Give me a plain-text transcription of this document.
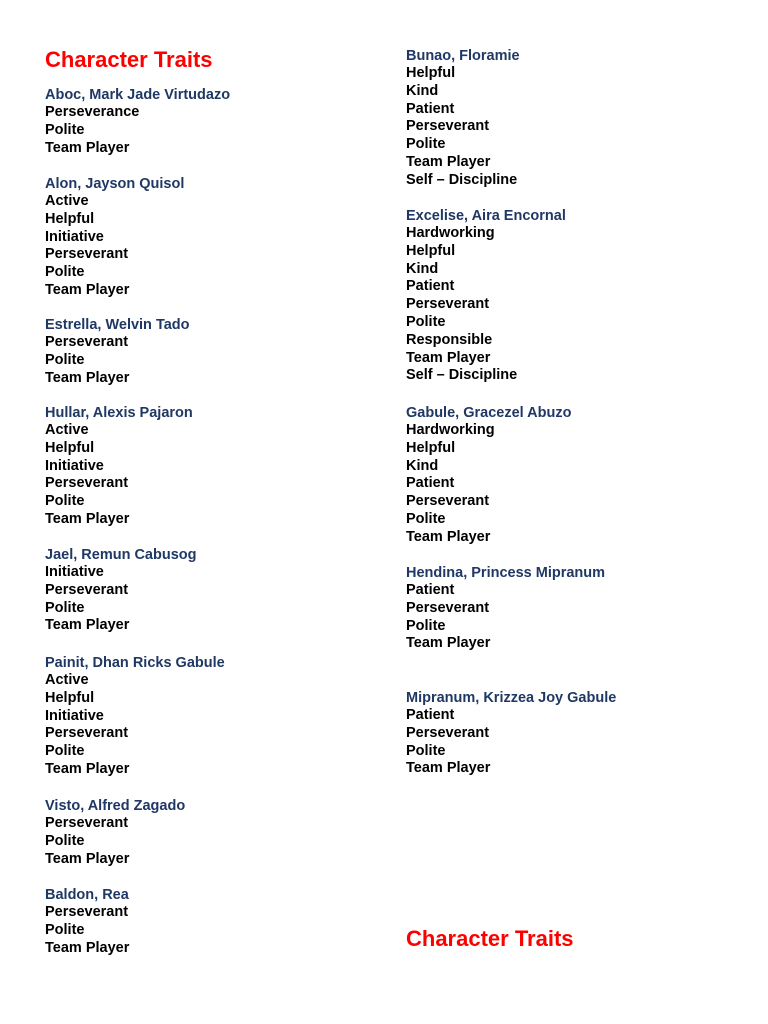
Character Traits
Aboc, Mark Jade Virtudazo
Perseverance
Polite
Team Player
Alon, Jayson Quisol
Active
Helpful
Initiative
Perseverant
Polite
Team Player
Estrella, Welvin Tado
Perseverant
Polite
Team Player
Hullar, Alexis Pajaron
Active
Helpful
Initiative
Perseverant
Polite
Team Player
Jael, Remun Cabusog
Initiative
Perseverant
Polite
Team Player
Painit, Dhan Ricks Gabule
Active
Helpful
Initiative
Perseverant
Polite
Team Player
Visto, Alfred Zagado
Perseverant
Polite
Team Player
Baldon, Rea
Perseverant
Polite
Team Player
Bunao, Floramie
Helpful
Kind
Patient
Perseverant
Polite
Team Player
Self – Discipline
Excelise, Aira Encornal
Hardworking
Helpful
Kind
Patient
Perseverant
Polite
Responsible
Team Player
Self – Discipline
Gabule, Gracezel Abuzo
Hardworking
Helpful
Kind
Patient
Perseverant
Polite
Team Player
Hendina, Princess Mipranum
Patient
Perseverant
Polite
Team Player
Mipranum, Krizzea Joy Gabule
Patient
Perseverant
Polite
Team Player
Character Traits
